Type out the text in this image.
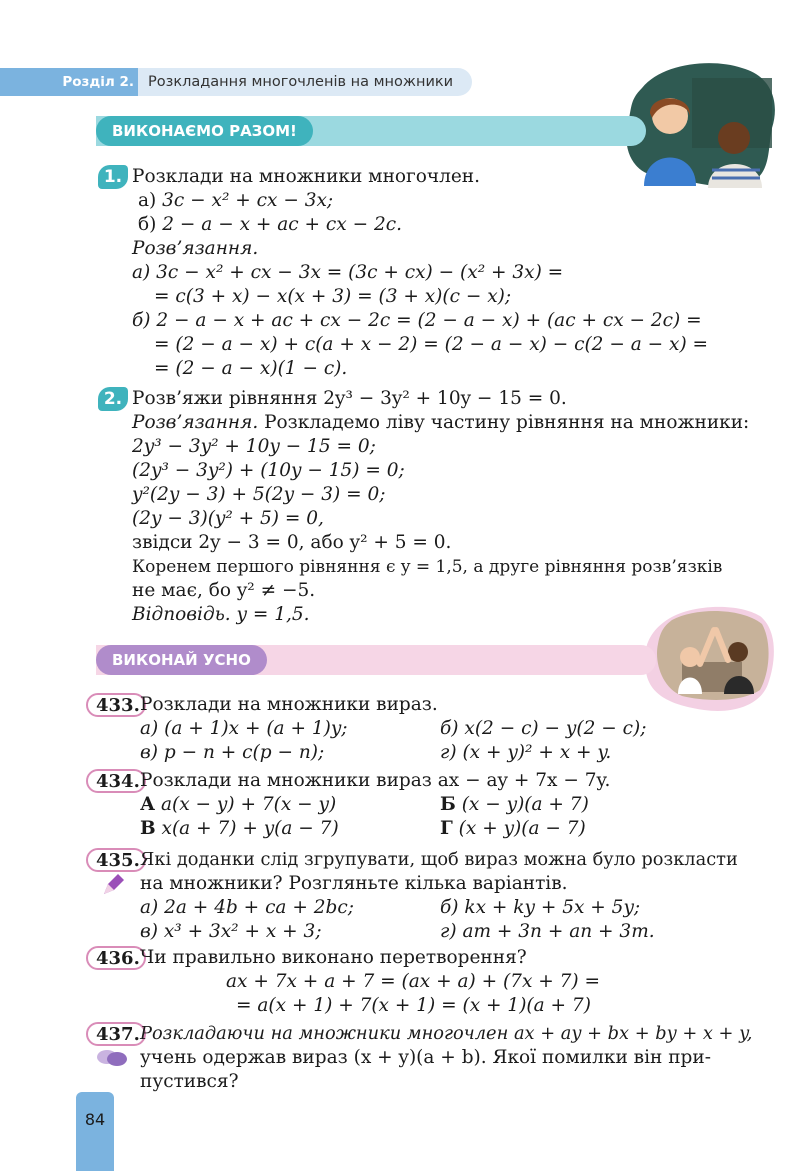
Розділ 2. Розкладання многочленів на множники
ВИКОНАЄМО РАЗОМ!
1. Розклади на множники многочлен.
а) 3c − x² + cx − 3x;
б) 2 − a − x + ac + cx − 2c.
Розв’язання.
а) 3c − x² + cx − 3x = (3c + cx) − (x² + 3x) =
= c(3 + x) − x(x + 3) = (3 + x)(c − x);
б) 2 − a − x + ac + cx − 2c = (2 − a − x) + (ac + cx − 2c) =
= (2 − a − x) + c(a + x − 2) = (2 − a − x) − c(2 − a − x) =
= (2 − a − x)(1 − c).
2. Розв’яжи рівняння 2y³ − 3y² + 10y − 15 = 0.
Розв’язання. Розкладемо ліву частину рівняння на множники:
2y³ − 3y² + 10y − 15 = 0;
(2y³ − 3y²) + (10y − 15) = 0;
y²(2y − 3) + 5(2y − 3) = 0;
(2y − 3)(y² + 5) = 0,
звідси 2y − 3 = 0, або y² + 5 = 0.
Коренем першого рівняння є y = 1,5, а друге рівняння розв’язків
не має, бо y² ≠ −5.
Відповідь. y = 1,5.
ВИКОНАЙ УСНО
433. Розклади на множники вираз.
а) (a + 1)x + (a + 1)y;	б) x(2 − c) − y(2 − c);
в) p − n + c(p − n);	г) (x + y)² + x + y.
434. Розклади на множники вираз ax − ay + 7x − 7y.
А a(x − y) + 7(x − y)	Б (x − y)(a + 7)
В x(a + 7) + y(a − 7)	Г (x + y)(a − 7)
435. Які доданки слід згрупувати, щоб вираз можна було розкласти
на множники? Розгляньте кілька варіантів.
а) 2a + 4b + ca + 2bc;	б) kx + ky + 5x + 5y;
в) x³ + 3x² + x + 3;	г) am + 3n + an + 3m.
436. Чи правильно виконано перетворення?
ax + 7x + a + 7 = (ax + a) + (7x + 7) =
= a(x + 1) + 7(x + 1) = (x + 1)(a + 7)
437. Розкладаючи на множники многочлен ax + ay + bx + by + x + y,
учень одержав вираз (x + y)(a + b). Якої помилки він при-
пустився?
84
